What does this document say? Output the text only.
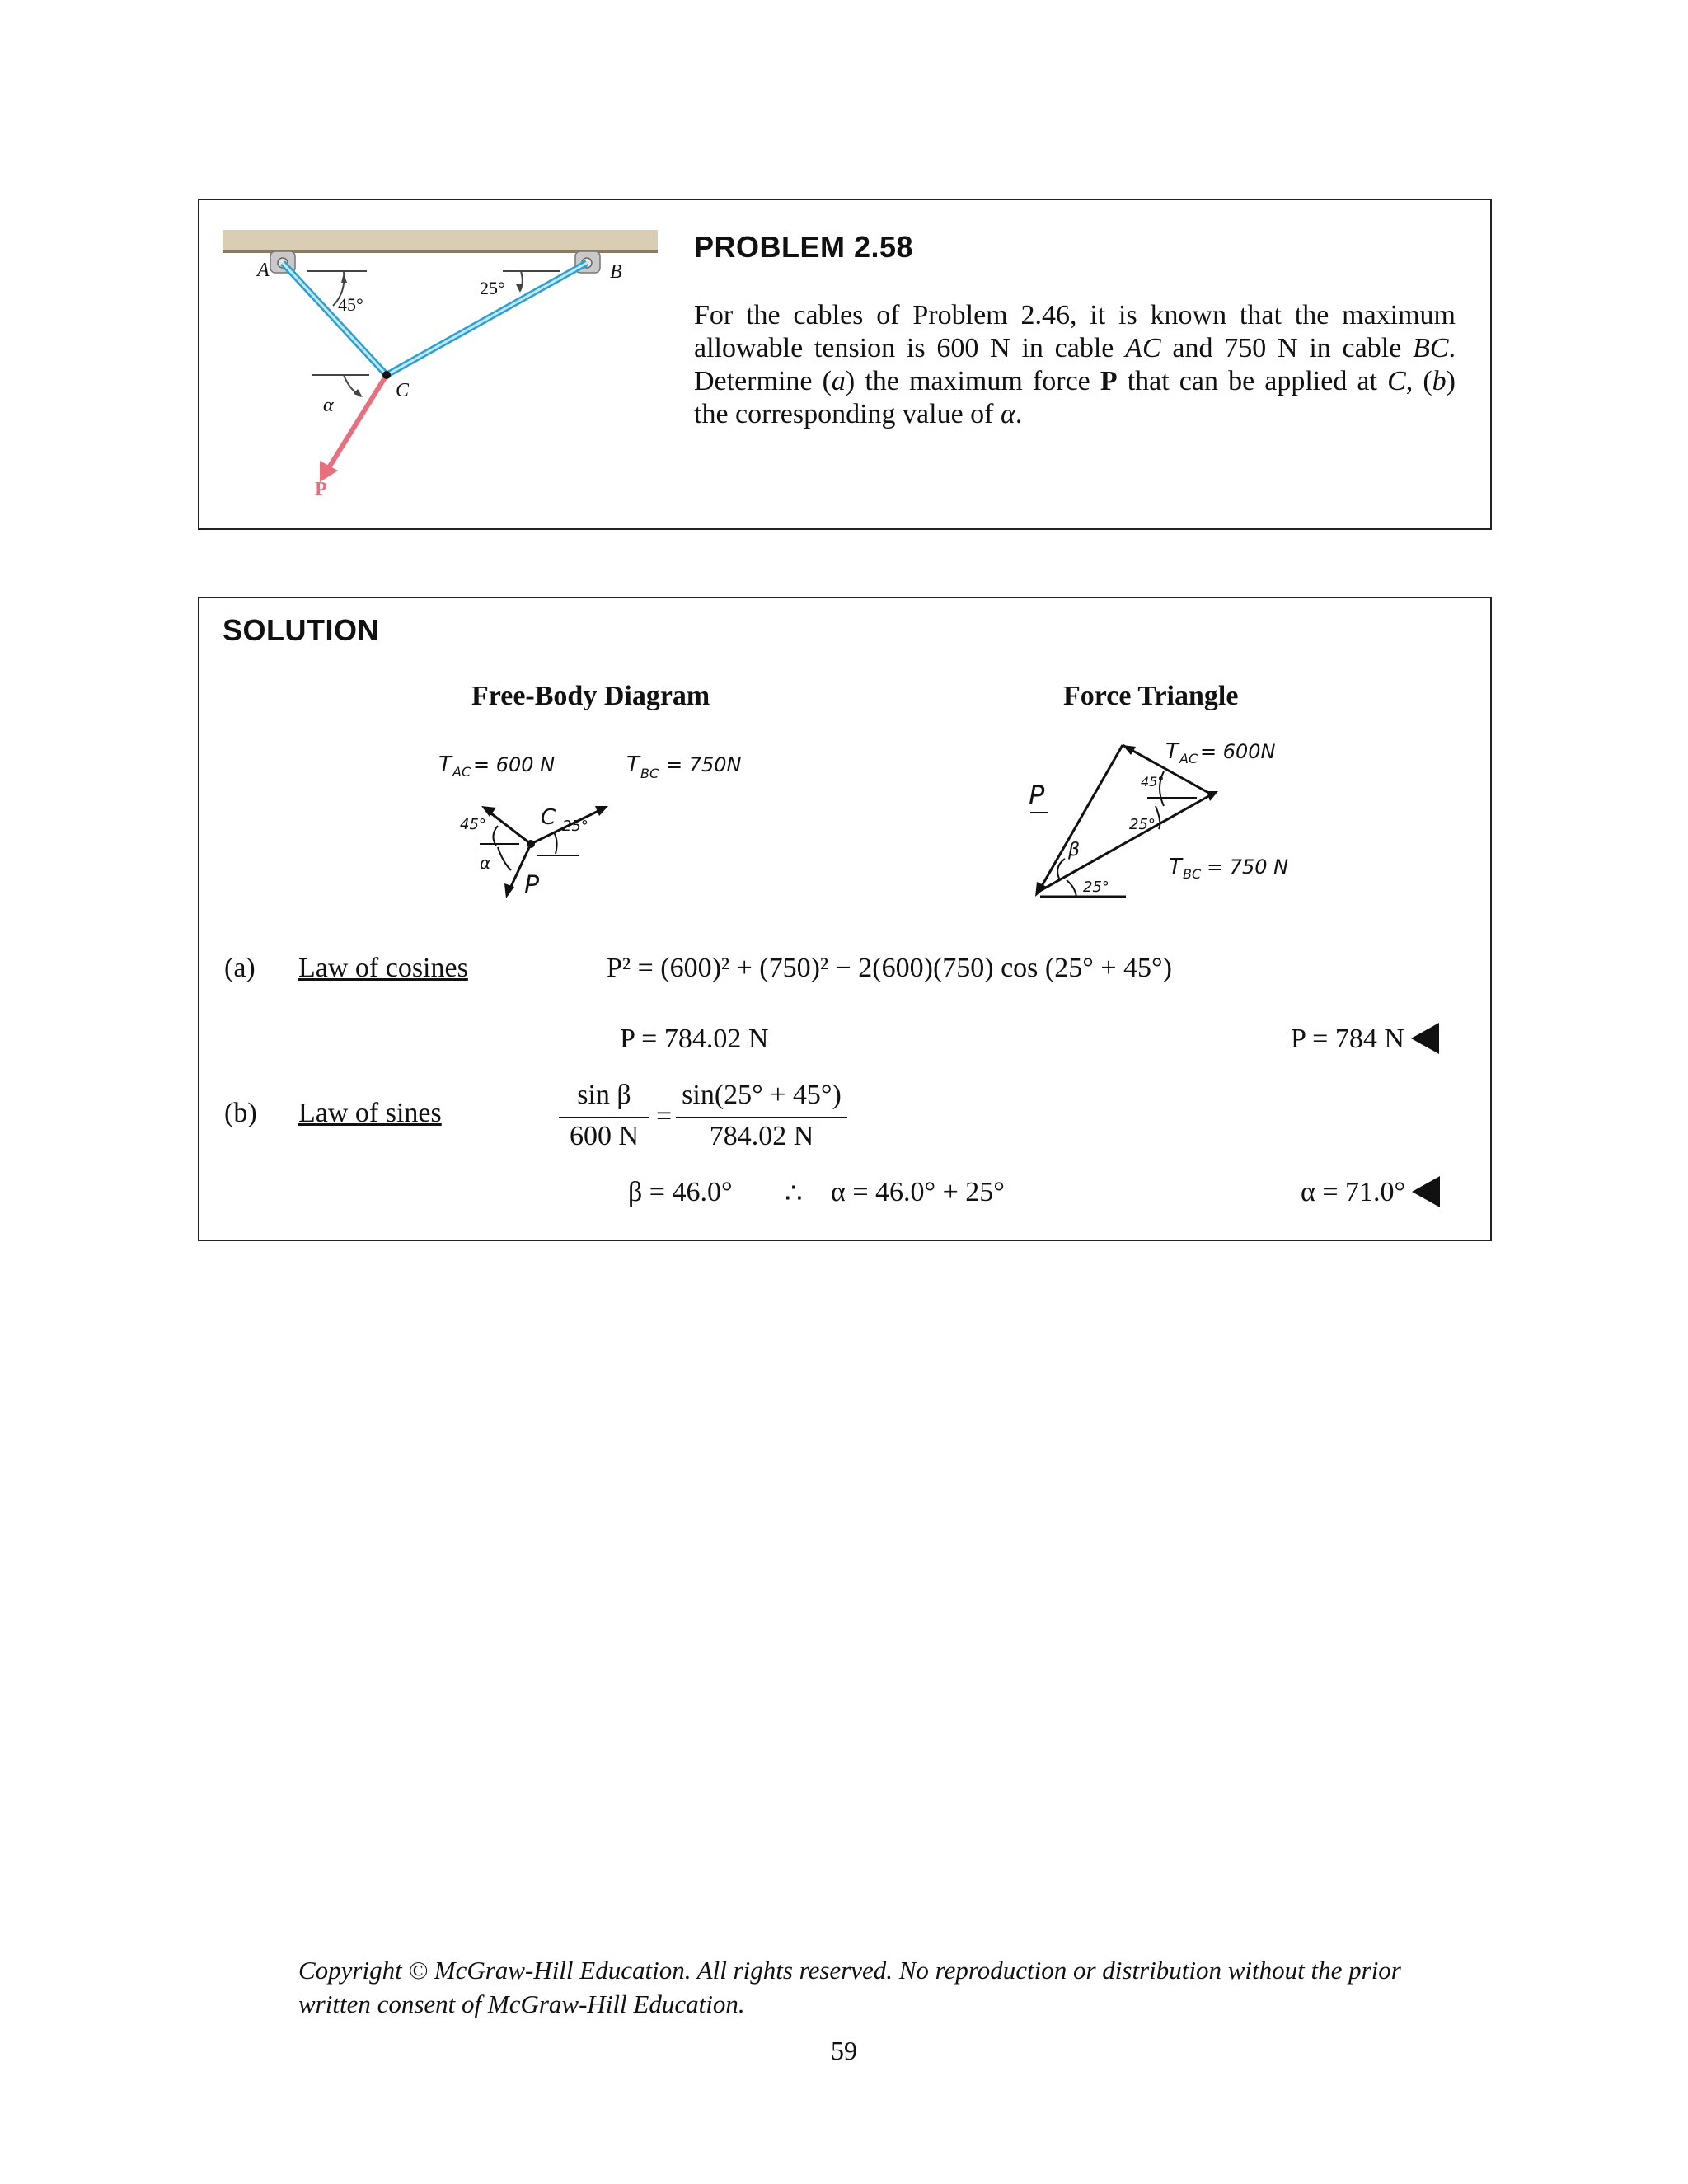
A	B
C
α
P
45°
25°
PROBLEM 2.58
For the cables of Problem 2.46, it is known that the maximum allowable tension is 600 N in cable AC and 750 N in cable BC. Determine (a) the maximum force P that can be applied at C, (b) the corresponding value of α.
SOLUTION
Free-Body Diagram	Force Triangle
T AC = 600 N	T BC = 750N
45°	25°
C
α
P
P
T AC = 600N
T BC = 750 N
45°
25°
25°
β
(a) Law of cosines	P² = (600)² + (750)² − 2(600)(750) cos (25° + 45°)
P = 784.02 N	P = 784 N
(b) Law of sines
sin β
600 N
=
sin(25° + 45°)
784.02 N
β = 46.0° ∴ α = 46.0° + 25°	α = 71.0°
Copyright © McGraw-Hill Education. All rights reserved. No reproduction or distribution without the prior written consent of McGraw-Hill Education.
59
